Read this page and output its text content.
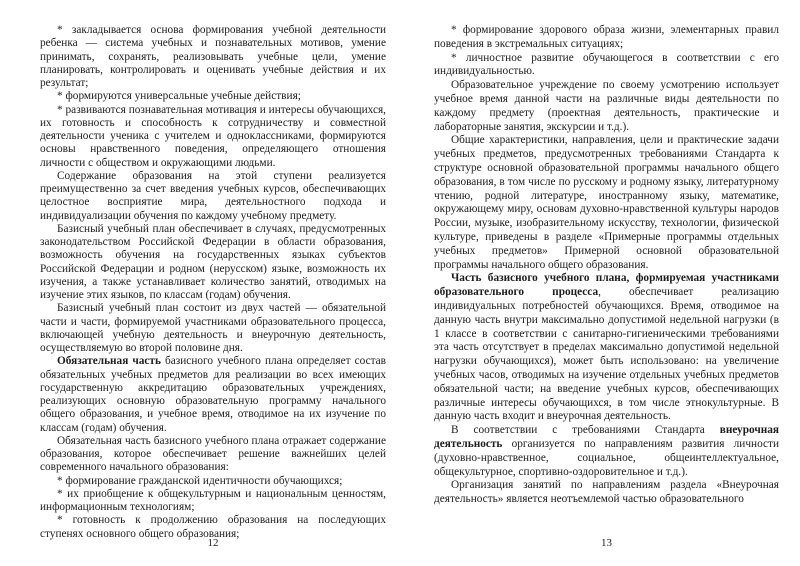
* закладывается основа формирования учебной деятельности ребенка — система учебных и познавательных мотивов, умение принимать, сохранять, реализовывать учебные цели, умение планировать, контролировать и оценивать учебные действия и их результат;

* формируются универсальные учебные действия;

* развиваются познавательная мотивация и интересы обучающихся, их готовность и способность к сотрудничеству и совместной деятельности ученика с учителем и одноклассниками, формируются основы нравственного поведения, определяющего отношения личности с обществом и окружающими людьми.

Содержание образования на этой ступени реализуется преимущественно за счет введения учебных курсов, обеспечивающих целостное восприятие мира, деятельностного подхода и индивидуализации обучения по каждому учебному предмету.

Базисный учебный план обеспечивает в случаях, предусмотренных законодательством Российской Федерации в области образования, возможность обучения на государственных языках субъектов Российской Федерации и родном (нерусском) языке, возможность их изучения, а также устанавливает количество занятий, отводимых на изучение этих языков, по классам (годам) обучения.

Базисный учебный план состоит из двух частей — обязательной части и части, формируемой участниками образовательного процесса, включающей учебную деятельность и внеурочную деятельность, осуществляемую во второй половине дня.

Обязательная часть базисного учебного плана определяет состав обязательных учебных предметов для реализации во всех имеющих государственную аккредитацию образовательных учреждениях, реализующих основную образовательную программу начального общего образования, и учебное время, отводимое на их изучение по классам (годам) обучения.

Обязательная часть базисного учебного плана отражает содержание образования, которое обеспечивает решение важнейших целей современного начального образования:

* формирование гражданской идентичности обучающихся;

* их приобщение к общекультурным и национальным ценностям, информационным технологиям;

* готовность к продолжению образования на последующих ступенях основного общего образования;

12

* формирование здорового образа жизни, элементарных правил поведения в экстремальных ситуациях;

* личностное развитие обучающегося в соответствии с его индивидуальностью.

Образовательное учреждение по своему усмотрению использует учебное время данной части на различные виды деятельности по каждому предмету (проектная деятельность, практические и лабораторные занятия, экскурсии и т.д.).

Общие характеристики, направления, цели и практические задачи учебных предметов, предусмотренных требованиями Стандарта к структуре основной образовательной программы начального общего образования, в том числе по русскому и родному языку, литературному чтению, родной литературе, иностранному языку, математике, окружающему миру, основам духовно-нравственной культуры народов России, музыке, изобразительному искусству, технологии, физической культуре, приведены в разделе «Примерные программы отдельных учебных предметов» Примерной основной образовательной программы начального общего образования.

Часть базисного учебного плана, формируемая участниками образовательного процесса, обеспечивает реализацию индивидуальных потребностей обучающихся. Время, отводимое на данную часть внутри максимально допустимой недельной нагрузки (в 1 классе в соответствии с санитарно-гигиеническими требованиями эта часть отсутствует в пределах максимально допустимой недельной нагрузки обучающихся), может быть использовано: на увеличение учебных часов, отводимых на изучение отдельных учебных предметов обязательной части; на введение учебных курсов, обеспечивающих различные интересы обучающихся, в том числе этнокультурные. В данную часть входит и внеурочная деятельность.

В соответствии с требованиями Стандарта внеурочная деятельность организуется по направлениям развития личности (духовно-нравственное, социальное, общеинтеллектуальное, общекультурное, спортивно-оздоровительное и т.д.).

Организация занятий по направлениям раздела «Внеурочная деятельность» является неотъемлемой частью образовательного

13
